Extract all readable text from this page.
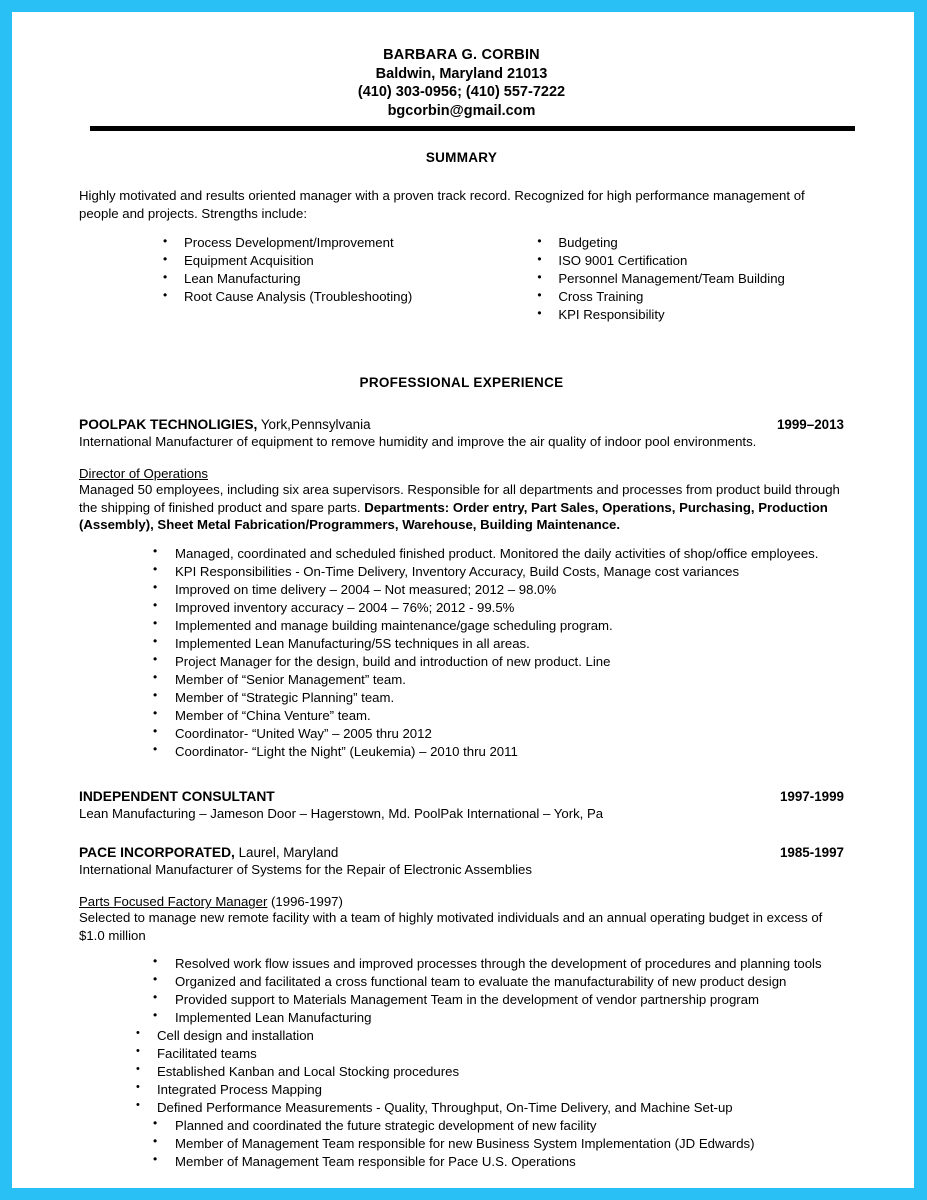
BARBARA G. CORBIN
Baldwin, Maryland 21013
(410) 303-0956; (410) 557-7222
bgcorbin@gmail.com
SUMMARY
Highly motivated and results oriented manager with a proven track record. Recognized for high performance management of people and projects. Strengths include:
• Process Development/Improvement
• Equipment Acquisition
• Lean Manufacturing
• Root Cause Analysis (Troubleshooting)
• Budgeting
• ISO 9001 Certification
• Personnel Management/Team Building
• Cross Training
• KPI Responsibility
PROFESSIONAL EXPERIENCE
POOLPAK TECHNOLIGIES, York,Pennsylvania	1999–2013
International Manufacturer of equipment to remove humidity and improve the air quality of indoor pool environments.
Director of Operations
Managed 50 employees, including six area supervisors. Responsible for all departments and processes from product build through the shipping of finished product and spare parts. Departments: Order entry, Part Sales, Operations, Purchasing, Production (Assembly), Sheet Metal Fabrication/Programmers, Warehouse, Building Maintenance.
• Managed, coordinated and scheduled finished product. Monitored the daily activities of shop/office employees.
• KPI Responsibilities - On-Time Delivery, Inventory Accuracy, Build Costs, Manage cost variances
• Improved on time delivery – 2004 – Not measured; 2012 – 98.0%
• Improved inventory accuracy – 2004 – 76%; 2012 - 99.5%
• Implemented and manage building maintenance/gage scheduling program.
• Implemented Lean Manufacturing/5S techniques in all areas.
• Project Manager for the design, build and introduction of new product. Line
• Member of “Senior Management” team.
• Member of “Strategic Planning” team.
• Member of “China Venture” team.
• Coordinator- “United Way” – 2005 thru 2012
• Coordinator- “Light the Night” (Leukemia) – 2010 thru 2011
INDEPENDENT CONSULTANT	1997-1999
Lean Manufacturing – Jameson Door – Hagerstown, Md. PoolPak International – York, Pa
PACE INCORPORATED, Laurel, Maryland	1985-1997
International Manufacturer of Systems for the Repair of Electronic Assemblies
Parts Focused Factory Manager (1996-1997)
Selected to manage new remote facility with a team of highly motivated individuals and an annual operating budget in excess of $1.0 million
• Resolved work flow issues and improved processes through the development of procedures and planning tools
• Organized and facilitated a cross functional team to evaluate the manufacturability of new product design
• Provided support to Materials Management Team in the development of vendor partnership program
• Implemented Lean Manufacturing
• Cell design and installation
• Facilitated teams
• Established Kanban and Local Stocking procedures
• Integrated Process Mapping
• Defined Performance Measurements - Quality, Throughput, On-Time Delivery, and Machine Set-up
• Planned and coordinated the future strategic development of new facility
• Member of Management Team responsible for new Business System Implementation (JD Edwards)
• Member of Management Team responsible for Pace U.S. Operations
